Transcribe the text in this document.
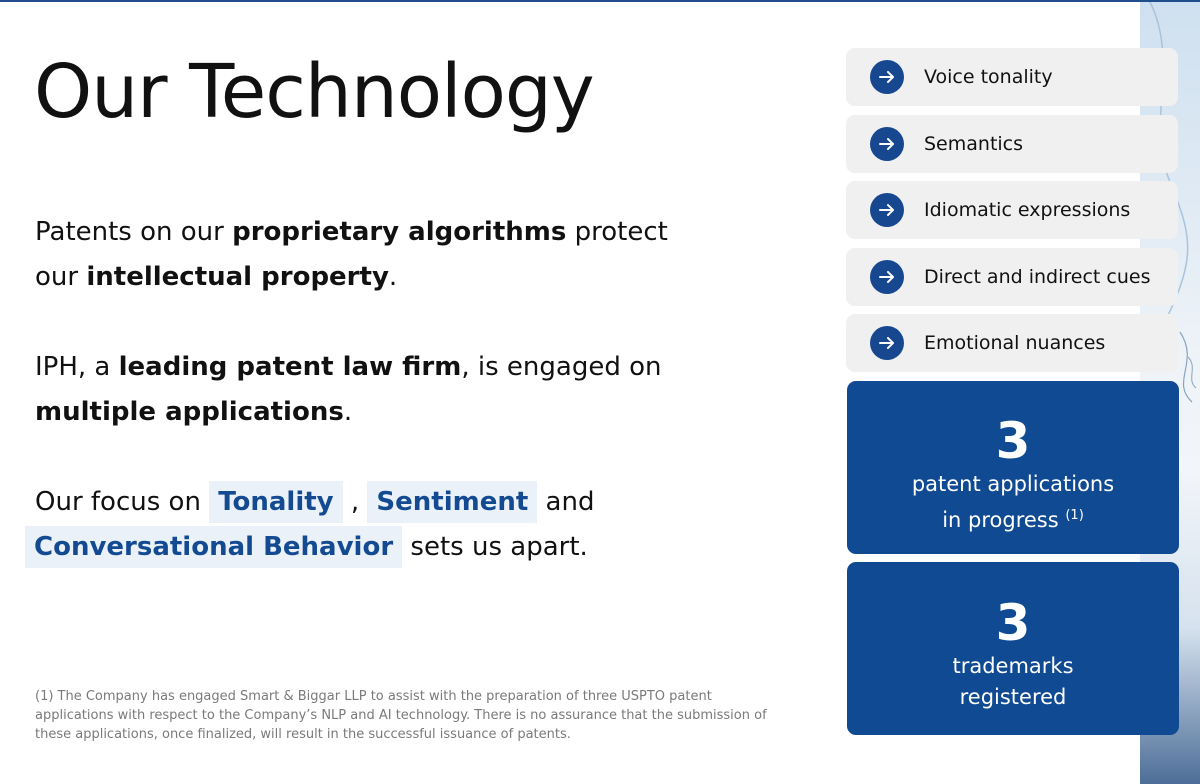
Our Technology

Patents on our proprietary algorithms protect
our intellectual property.

IPH, a leading patent law firm, is engaged on
multiple applications.

Our focus on Tonality , Sentiment and
Conversational Behavior sets us apart.

(1) The Company has engaged Smart & Biggar LLP to assist with the preparation of three USPTO patent applications with respect to the Company’s NLP and AI technology. There is no assurance that the submission of these applications, once finalized, will result in the successful issuance of patents.

Voice tonality
Semantics
Idiomatic expressions
Direct and indirect cues
Emotional nuances
3
patent applications
in progress $^{(1)}$
3
trademarks
registered
